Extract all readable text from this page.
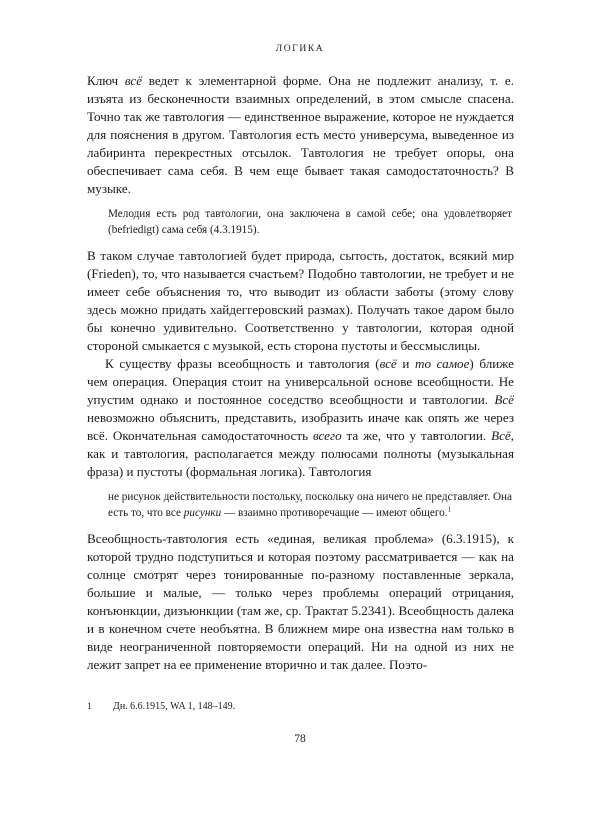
ЛОГИКА

Ключ всё ведет к элементарной форме. Она не подлежит анализу, т. е. изъята из бесконечности взаимных определений, в этом смысле спасена. Точно так же тавтология — единственное выражение, которое не нуждается для пояснения в другом. Тавтология есть место универсума, выведенное из лабиринта перекрестных отсылок. Тавтология не требует опоры, она обеспечивает сама себя. В чем еще бывает такая самодостаточность? В музыке.

Мелодия есть род тавтологии, она заключена в самой себе; она удовлетворяет (befriedigt) сама себя (4.3.1915).

В таком случае тавтологией будет природа, сытость, достаток, всякий мир (Frieden), то, что называется счастьем? Подобно тавтологии, не требует и не имеет себе объяснения то, что выводит из области заботы (этому слову здесь можно придать хайдеггеровский размах). Получать такое даром было бы конечно удивительно. Соответственно у тавтологии, которая одной стороной смыкается с музыкой, есть сторона пустоты и бессмыслицы.

К существу фразы всеобщность и тавтология (всё и то самое) ближе чем операция. Операция стоит на универсальной основе всеобщности. Не упустим однако и постоянное соседство всеобщности и тавтологии. Всё невозможно объяснить, представить, изобразить иначе как опять же через всё. Окончательная самодостаточность всего та же, что у тавтологии. Всё, как и тавтология, располагается между полюсами полноты (музыкальная фраза) и пустоты (формальная логика). Тавтология

не рисунок действительности постольку, поскольку она ничего не представляет. Она есть то, что все рисунки — взаимно противоречащие — имеют общего.$^1$

Всеобщность-тавтология есть «единая, великая проблема» (6.3.1915), к которой трудно подступиться и которая поэтому рассматривается — как на солнце смотрят через тонированные по-разному поставленные зеркала, большие и малые, — только через проблемы операций отрицания, конъюнкции, дизъюнкции (там же, ср. Трактат 5.2341). Всеобщность далека и в конечном счете необъятна. В ближнем мире она известна нам только в виде неограниченной повторяемости операций. Ни на одной из них не лежит запрет на ее применение вторично и так далее. Поэто-

1	Дн. 6.6.1915, WA 1, 148–149.
78
